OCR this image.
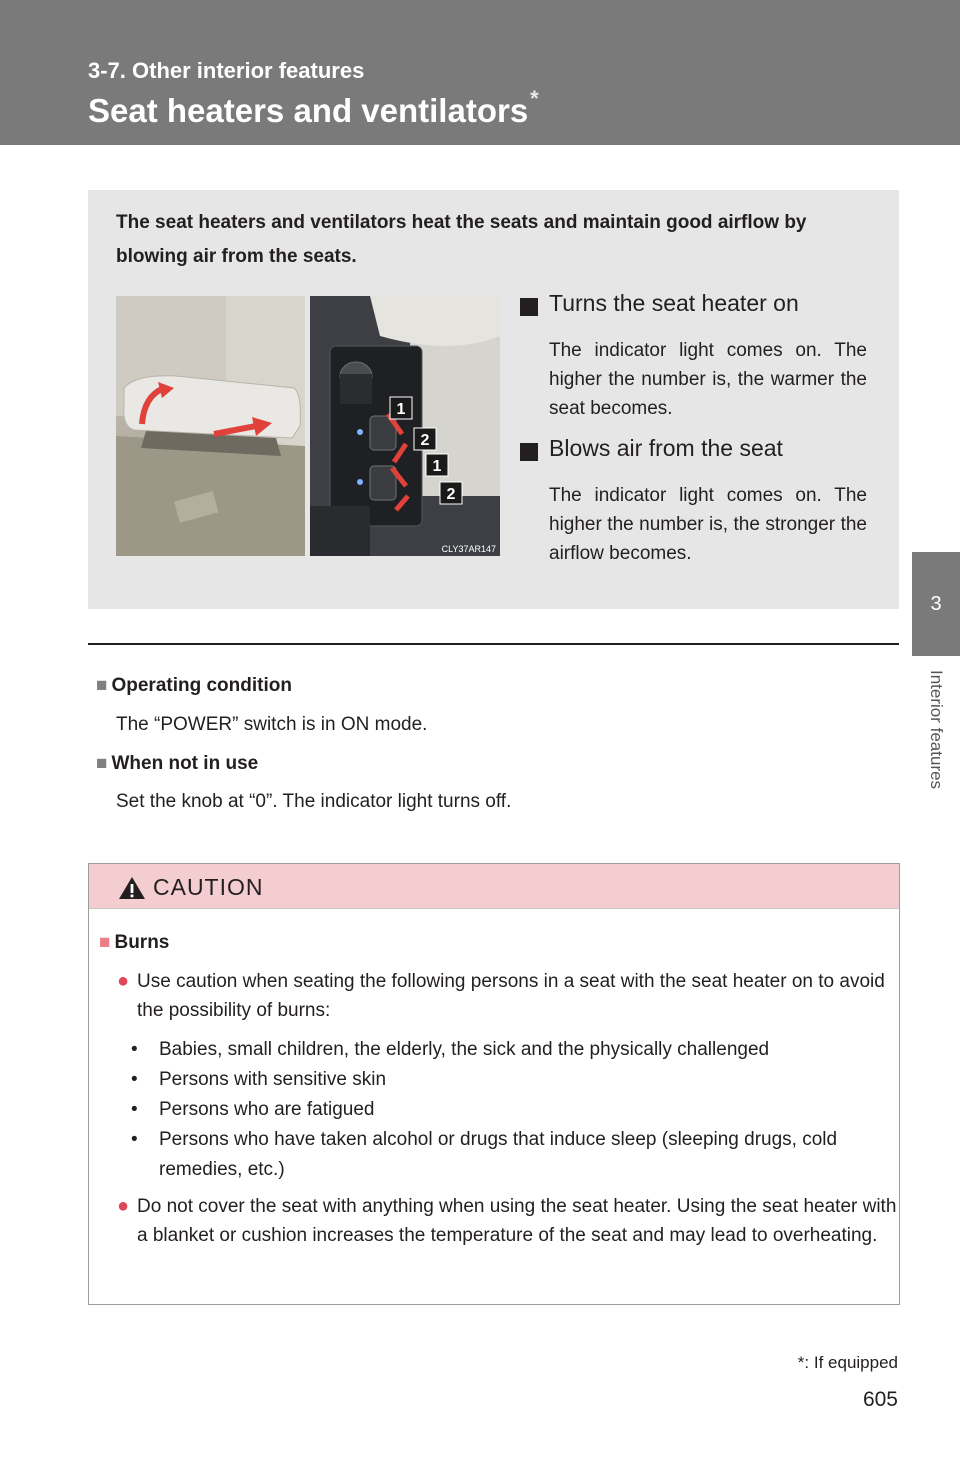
3-7. Other interior features
Seat heaters and ventilators*
3
Interior features
The seat heaters and ventilators heat the seats and maintain good airflow by blowing air from the seats.
1
2
1
2
CLY37AR147
Turns the seat heater on
The indicator light comes on. The higher the number is, the warmer the seat becomes.
Blows air from the seat
The indicator light comes on. The higher the number is, the stronger the airflow becomes.
■ Operating condition
The “POWER” switch is in ON mode.
■ When not in use
Set the knob at “0”. The indicator light turns off.
CAUTION
■ Burns
● Use caution when seating the following persons in a seat with the seat heater on to avoid the possibility of burns:
•	Babies, small children, the elderly, the sick and the physically challenged
•	Persons with sensitive skin
•	Persons who are fatigued
•	Persons who have taken alcohol or drugs that induce sleep (sleeping drugs, cold remedies, etc.)
● Do not cover the seat with anything when using the seat heater. Using the seat heater with a blanket or cushion increases the temperature of the seat and may lead to overheating.
*: If equipped
605
